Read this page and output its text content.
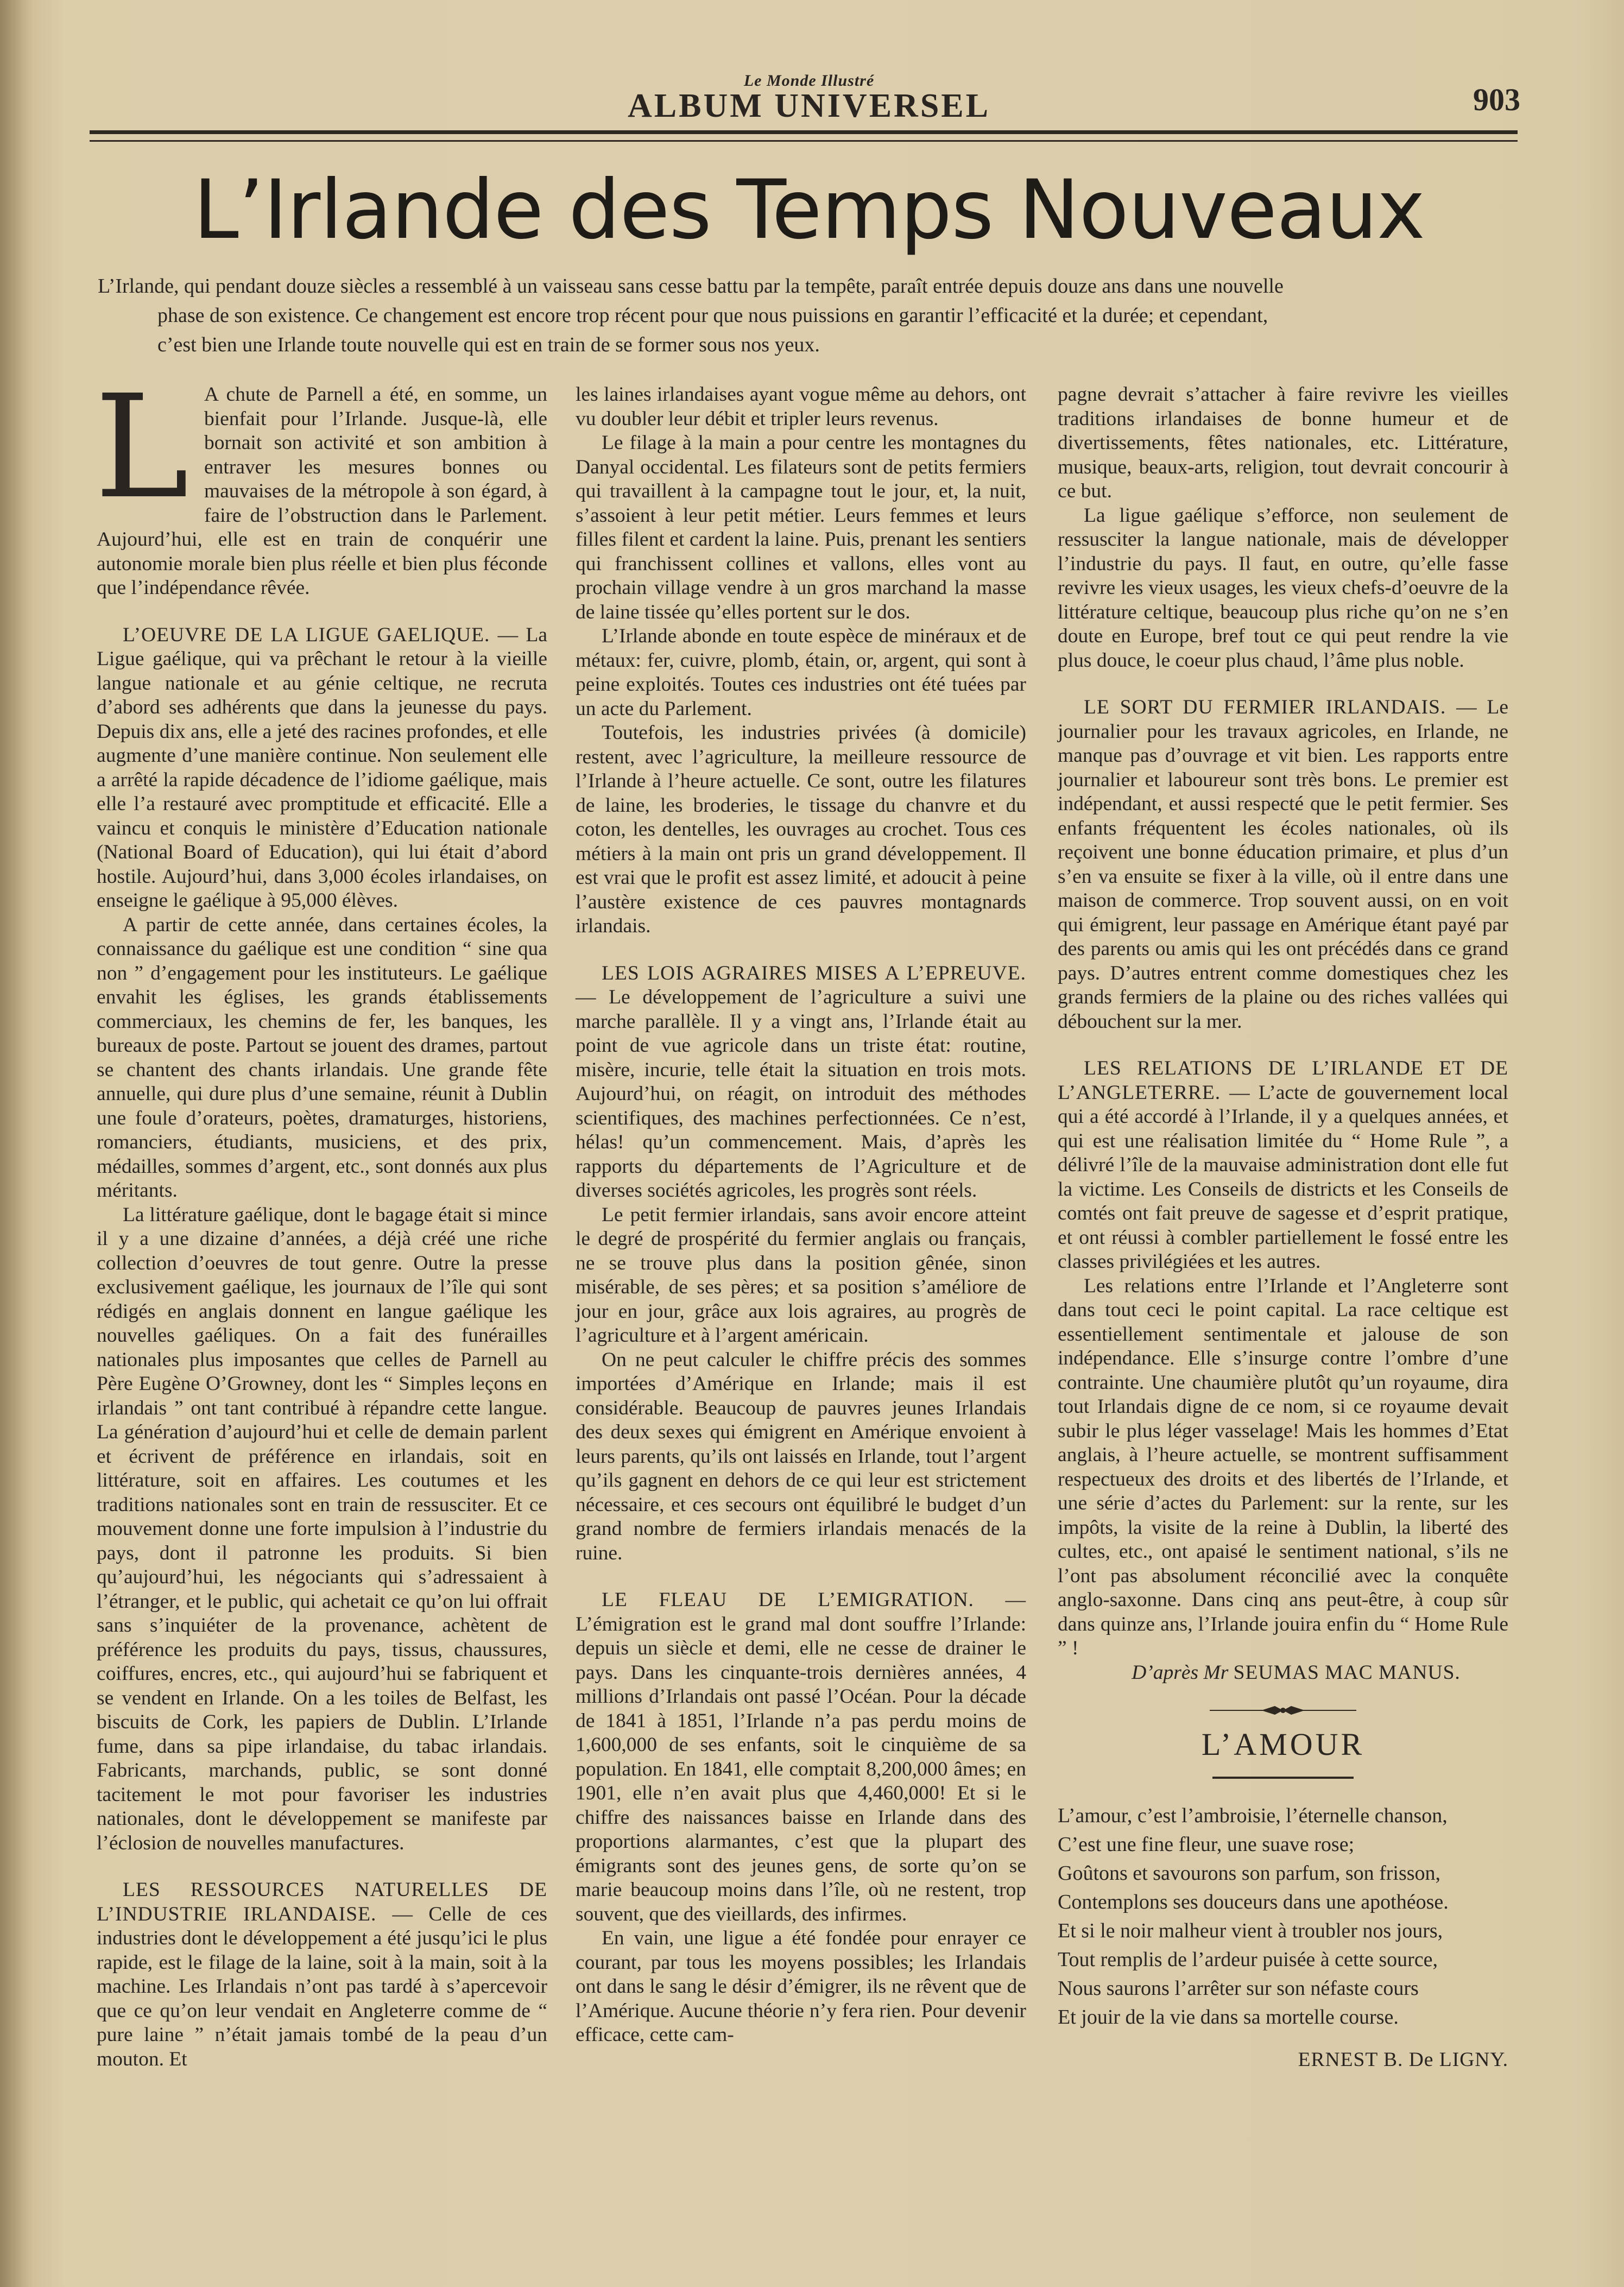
Le Monde Illustré
ALBUM UNIVERSEL	903
L’Irlande des Temps Nouveaux
L’Irlande, qui pendant douze siècles a ressemblé à un vaisseau sans cesse battu par la tempête, paraît entrée depuis douze ans dans une nouvelle
phase de son existence. Ce changement est encore trop récent pour que nous puissions en garantir l’efficacité et la durée; et cependant,
c’est bien une Irlande toute nouvelle qui est en train de se former sous nos yeux.

L A chute de Parnell a été, en somme, un bienfait pour l’Irlande. Jusque-là, elle bornait son activité et son ambition à entraver les mesures bonnes ou mauvaises de la métropole à son égard, à faire de l’obstruction dans le Parlement. Aujourd’hui, elle est en train de conquérir une autonomie morale bien plus réelle et bien plus féconde que l’indépendance rêvée.

L’OEUVRE DE LA LIGUE GAELIQUE. — La Ligue gaélique, qui va prêchant le retour à la vieille langue nationale et au génie celtique, ne recruta d’abord ses adhérents que dans la jeunesse du pays. Depuis dix ans, elle a jeté des racines profondes, et elle augmente d’une manière continue. Non seulement elle a arrêté la rapide décadence de l’idiome gaélique, mais elle l’a restauré avec promptitude et efficacité. Elle a vaincu et conquis le ministère d’Education nationale (National Board of Education), qui lui était d’abord hostile. Aujourd’hui, dans 3,000 écoles irlandaises, on enseigne le gaélique à 95,000 élèves.

A partir de cette année, dans certaines écoles, la connaissance du gaélique est une condition “ sine qua non ” d’engagement pour les instituteurs. Le gaélique envahit les églises, les grands établissements commerciaux, les chemins de fer, les banques, les bureaux de poste. Partout se jouent des drames, partout se chantent des chants irlandais. Une grande fête annuelle, qui dure plus d’une semaine, réunit à Dublin une foule d’orateurs, poètes, dramaturges, historiens, romanciers, étudiants, musiciens, et des prix, médailles, sommes d’argent, etc., sont donnés aux plus méritants.

La littérature gaélique, dont le bagage était si mince il y a une dizaine d’années, a déjà créé une riche collection d’oeuvres de tout genre. Outre la presse exclusivement gaélique, les journaux de l’île qui sont rédigés en anglais donnent en langue gaélique les nouvelles gaéliques. On a fait des funérailles nationales plus imposantes que celles de Parnell au Père Eugène O’Growney, dont les “ Simples leçons en irlandais ” ont tant contribué à répandre cette langue. La génération d’aujourd’hui et celle de demain parlent et écrivent de préférence en irlandais, soit en littérature, soit en affaires. Les coutumes et les traditions nationales sont en train de ressusciter. Et ce mouvement donne une forte impulsion à l’industrie du pays, dont il patronne les produits. Si bien qu’aujourd’hui, les négociants qui s’adressaient à l’étranger, et le public, qui achetait ce qu’on lui offrait sans s’inquiéter de la provenance, achètent de préférence les produits du pays, tissus, chaussures, coiffures, encres, etc., qui aujourd’hui se fabriquent et se vendent en Irlande. On a les toiles de Belfast, les biscuits de Cork, les papiers de Dublin. L’Irlande fume, dans sa pipe irlandaise, du tabac irlandais. Fabricants, marchands, public, se sont donné tacitement le mot pour favoriser les industries nationales, dont le développement se manifeste par l’éclosion de nouvelles manufactures.

LES RESSOURCES NATURELLES DE L’INDUSTRIE IRLANDAISE. — Celle de ces industries dont le développement a été jusqu’ici le plus rapide, est le filage de la laine, soit à la main, soit à la machine. Les Irlandais n’ont pas tardé à s’apercevoir que ce qu’on leur vendait en Angleterre comme de “ pure laine ” n’était jamais tombé de la peau d’un mouton. Et

les laines irlandaises ayant vogue même au dehors, ont vu doubler leur débit et tripler leurs revenus.

Le filage à la main a pour centre les montagnes du Danyal occidental. Les filateurs sont de petits fermiers qui travaillent à la campagne tout le jour, et, la nuit, s’assoient à leur petit métier. Leurs femmes et leurs filles filent et cardent la laine. Puis, prenant les sentiers qui franchissent collines et vallons, elles vont au prochain village vendre à un gros marchand la masse de laine tissée qu’elles portent sur le dos.

L’Irlande abonde en toute espèce de minéraux et de métaux: fer, cuivre, plomb, étain, or, argent, qui sont à peine exploités. Toutes ces industries ont été tuées par un acte du Parlement.

Toutefois, les industries privées (à domicile) restent, avec l’agriculture, la meilleure ressource de l’Irlande à l’heure actuelle. Ce sont, outre les filatures de laine, les broderies, le tissage du chanvre et du coton, les dentelles, les ouvrages au crochet. Tous ces métiers à la main ont pris un grand développement. Il est vrai que le profit est assez limité, et adoucit à peine l’austère existence de ces pauvres montagnards irlandais.

LES LOIS AGRAIRES MISES A L’EPREUVE. — Le développement de l’agriculture a suivi une marche parallèle. Il y a vingt ans, l’Irlande était au point de vue agricole dans un triste état: routine, misère, incurie, telle était la situation en trois mots. Aujourd’hui, on réagit, on introduit des méthodes scientifiques, des machines perfectionnées. Ce n’est, hélas! qu’un commencement. Mais, d’après les rapports du départements de l’Agriculture et de diverses sociétés agricoles, les progrès sont réels.

Le petit fermier irlandais, sans avoir encore atteint le degré de prospérité du fermier anglais ou français, ne se trouve plus dans la position gênée, sinon misérable, de ses pères; et sa position s’améliore de jour en jour, grâce aux lois agraires, au progrès de l’agriculture et à l’argent américain.

On ne peut calculer le chiffre précis des sommes importées d’Amérique en Irlande; mais il est considérable. Beaucoup de pauvres jeunes Irlandais des deux sexes qui émigrent en Amérique envoient à leurs parents, qu’ils ont laissés en Irlande, tout l’argent qu’ils gagnent en dehors de ce qui leur est strictement nécessaire, et ces secours ont équilibré le budget d’un grand nombre de fermiers irlandais menacés de la ruine.

LE FLEAU DE L’EMIGRATION. — L’émigration est le grand mal dont souffre l’Irlande: depuis un siècle et demi, elle ne cesse de drainer le pays. Dans les cinquante-trois dernières années, 4 millions d’Irlandais ont passé l’Océan. Pour la décade de 1841 à 1851, l’Irlande n’a pas perdu moins de 1,600,000 de ses enfants, soit le cinquième de sa population. En 1841, elle comptait 8,200,000 âmes; en 1901, elle n’en avait plus que 4,460,000! Et si le chiffre des naissances baisse en Irlande dans des proportions alarmantes, c’est que la plupart des émigrants sont des jeunes gens, de sorte qu’on se marie beaucoup moins dans l’île, où ne restent, trop souvent, que des vieillards, des infirmes.

En vain, une ligue a été fondée pour enrayer ce courant, par tous les moyens possibles; les Irlandais ont dans le sang le désir d’émigrer, ils ne rêvent que de l’Amérique. Aucune théorie n’y fera rien. Pour devenir efficace, cette cam-

pagne devrait s’attacher à faire revivre les vieilles traditions irlandaises de bonne humeur et de divertissements, fêtes nationales, etc. Littérature, musique, beaux-arts, religion, tout devrait concourir à ce but.

La ligue gaélique s’efforce, non seulement de ressusciter la langue nationale, mais de développer l’industrie du pays. Il faut, en outre, qu’elle fasse revivre les vieux usages, les vieux chefs-d’oeuvre de la littérature celtique, beaucoup plus riche qu’on ne s’en doute en Europe, bref tout ce qui peut rendre la vie plus douce, le coeur plus chaud, l’âme plus noble.

LE SORT DU FERMIER IRLANDAIS. — Le journalier pour les travaux agricoles, en Irlande, ne manque pas d’ouvrage et vit bien. Les rapports entre journalier et laboureur sont très bons. Le premier est indépendant, et aussi respecté que le petit fermier. Ses enfants fréquentent les écoles nationales, où ils reçoivent une bonne éducation primaire, et plus d’un s’en va ensuite se fixer à la ville, où il entre dans une maison de commerce. Trop souvent aussi, on en voit qui émigrent, leur passage en Amérique étant payé par des parents ou amis qui les ont précédés dans ce grand pays. D’autres entrent comme domestiques chez les grands fermiers de la plaine ou des riches vallées qui débouchent sur la mer.

LES RELATIONS DE L’IRLANDE ET DE L’ANGLETERRE. — L’acte de gouvernement local qui a été accordé à l’Irlande, il y a quelques années, et qui est une réalisation limitée du “ Home Rule ”, a délivré l’île de la mauvaise administration dont elle fut la victime. Les Conseils de districts et les Conseils de comtés ont fait preuve de sagesse et d’esprit pratique, et ont réussi à combler partiellement le fossé entre les classes privilégiées et les autres.

Les relations entre l’Irlande et l’Angleterre sont dans tout ceci le point capital. La race celtique est essentiellement sentimentale et jalouse de son indépendance. Elle s’insurge contre l’ombre d’une contrainte. Une chaumière plutôt qu’un royaume, dira tout Irlandais digne de ce nom, si ce royaume devait subir le plus léger vasselage! Mais les hommes d’Etat anglais, à l’heure actuelle, se montrent suffisamment respectueux des droits et des libertés de l’Irlande, et une série d’actes du Parlement: sur la rente, sur les impôts, la visite de la reine à Dublin, la liberté des cultes, etc., ont apaisé le sentiment national, s’ils ne l’ont pas absolument réconcilié avec la conquête anglo-saxonne. Dans cinq ans peut-être, à coup sûr dans quinze ans, l’Irlande jouira enfin du “ Home Rule ” !

D’après Mr SEUMAS MAC MANUS.

L’AMOUR

L’amour, c’est l’ambroisie, l’éternelle chanson,

C’est une fine fleur, une suave rose;

Goûtons et savourons son parfum, son frisson,

Contemplons ses douceurs dans une apothéose.

Et si le noir malheur vient à troubler nos jours,

Tout remplis de l’ardeur puisée à cette source,

Nous saurons l’arrêter sur son néfaste cours

Et jouir de la vie dans sa mortelle course.

ERNEST B. De LIGNY.
